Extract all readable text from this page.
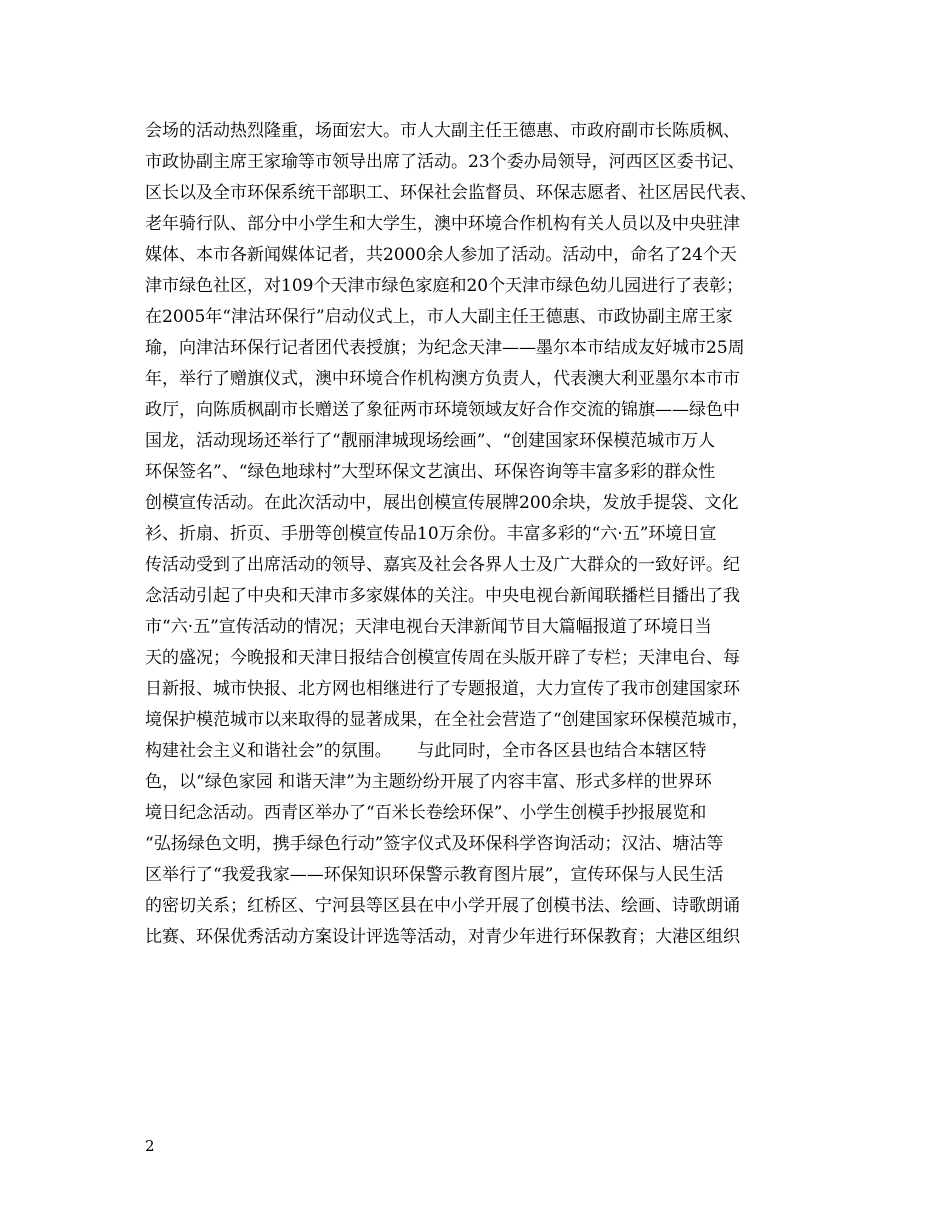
会场的活动热烈隆重，场面宏大。市人大副主任王德惠、市政府副市长陈质枫、
市政协副主席王家瑜等市领导出席了活动。23个委办局领导，河西区区委书记、
区长以及全市环保系统干部职工、环保社会监督员、环保志愿者、社区居民代表、
老年骑行队、部分中小学生和大学生，澳中环境合作机构有关人员以及中央驻津
媒体、本市各新闻媒体记者，共2000余人参加了活动。活动中，命名了24个天
津市绿色社区，对109个天津市绿色家庭和20个天津市绿色幼儿园进行了表彰；
在2005年“津沽环保行”启动仪式上，市人大副主任王德惠、市政协副主席王家
瑜，向津沽环保行记者团代表授旗；为纪念天津——墨尔本市结成友好城市25周
年，举行了赠旗仪式，澳中环境合作机构澳方负责人，代表澳大利亚墨尔本市市
政厅，向陈质枫副市长赠送了象征两市环境领域友好合作交流的锦旗——绿色中
国龙，活动现场还举行了“靓丽津城现场绘画”、“创建国家环保模范城市万人
环保签名”、“绿色地球村”大型环保文艺演出、环保咨询等丰富多彩的群众性
创模宣传活动。在此次活动中，展出创模宣传展牌200余块，发放手提袋、文化
衫、折扇、折页、手册等创模宣传品10万余份。丰富多彩的“六·五”环境日宣
传活动受到了出席活动的领导、嘉宾及社会各界人士及广大群众的一致好评。纪
念活动引起了中央和天津市多家媒体的关注。中央电视台新闻联播栏目播出了我
市“六·五”宣传活动的情况；天津电视台天津新闻节目大篇幅报道了环境日当
天的盛况；今晚报和天津日报结合创模宣传周在头版开辟了专栏；天津电台、每
日新报、城市快报、北方网也相继进行了专题报道，大力宣传了我市创建国家环
境保护模范城市以来取得的显著成果，在全社会营造了“创建国家环保模范城市，
构建社会主义和谐社会”的氛围。　　与此同时，全市各区县也结合本辖区特
色，以“绿色家园 和谐天津”为主题纷纷开展了内容丰富、形式多样的世界环
境日纪念活动。西青区举办了“百米长卷绘环保”、小学生创模手抄报展览和
“弘扬绿色文明，携手绿色行动”签字仪式及环保科学咨询活动；汉沽、塘沽等
区举行了“我爱我家——环保知识环保警示教育图片展”，宣传环保与人民生活
的密切关系；红桥区、宁河县等区县在中小学开展了创模书法、绘画、诗歌朗诵
比赛、环保优秀活动方案设计评选等活动，对青少年进行环保教育；大港区组织
2
